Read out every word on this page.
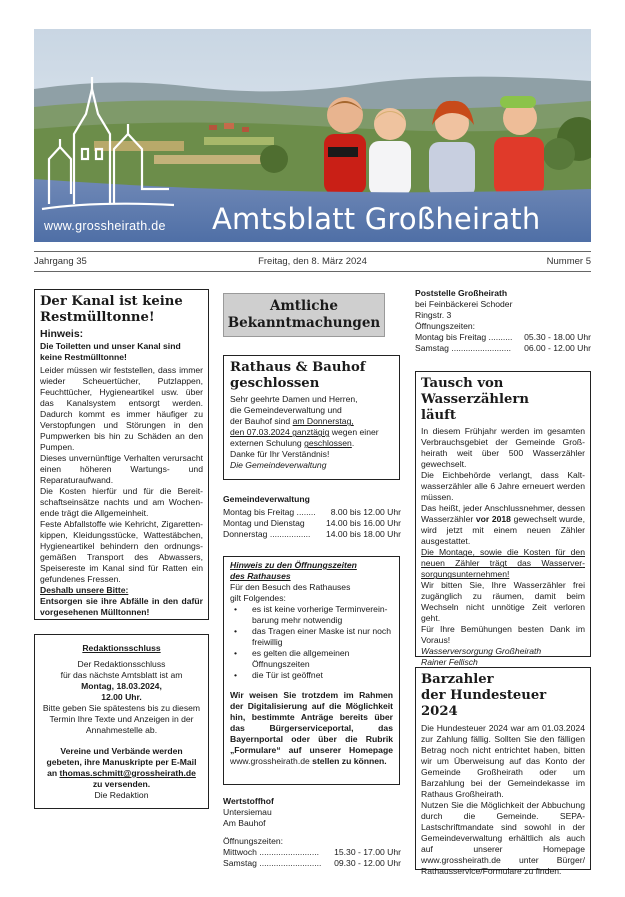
www.grossheirath.de Amtsblatt Großheirath
Jahrgang 35	Freitag, den 8. März 2024	Nummer 5
Der Kanal ist keine Restmülltonne!
Hinweis:

Die Toiletten und unser Kanal sind keine Restmülltonne!

Leider müssen wir feststellen, dass immer wieder Scheuertücher, Putzlappen, Feuchttücher, Hygieneartikel usw. über das Kanalsystem entsorgt werden. Dadurch kommt es immer häufiger zu Verstopfungen und Störungen in den Pumpwerken bis hin zu Schäden an den Pumpen.

Dieses unvernünftige Verhalten verursacht einen höheren Wartungs- und Reparaturaufwand.

Die Kosten hierfür und für die Bereitschaftseinsätze nachts und am Wochenende trägt die Allgemeinheit.

Feste Abfallstoffe wie Kehricht, Zigarettenkippen, Kleidungsstücke, Wattestäbchen, Hygieneartikel behindern den ordnungsgemäßen Transport des Abwassers, Speisereste im Kanal sind für Ratten ein gefundenes Fressen.

Deshalb unsere Bitte:

Entsorgen sie ihre Abfälle in den dafür vorgesehenen Mülltonnen!

Redaktionsschluss

Der Redaktionsschluss

für das nächste Amtsblatt ist am

Montag, 18.03.2024,

12.00 Uhr.

Bitte geben Sie spätestens bis zu diesem Termin Ihre Texte und Anzeigen in der Annahmestelle ab.

Vereine und Verbände werden

gebeten, ihre Manuskripte per E-Mail

an thomas.schmitt@grossheirath.de

zu versenden.

Die Redaktion

Amtliche
Bekanntmachungen
Rathaus & Bauhof
geschlossen

Sehr geehrte Damen und Herren,

die Gemeindeverwaltung und

der Bauhof sind am Donnerstag,

den 07.03.2024 ganztägig wegen einer

externen Schulung geschlossen.

Danke für Ihr Verständnis!

Die Gemeindeverwaltung

Gemeindeverwaltung

Montag bis Freitag ........ 8.00 bis 12.00 Uhr
Montag und Dienstag 14.00 bis 16.00 Uhr
Donnerstag ................. 14.00 bis 18.00 Uhr

Hinweis zu den Öffnungszeiten

des Rathauses

Für den Besuch des Rathauses

gilt Folgendes:

• es ist keine vorherige Terminvereinbarung mehr notwendig
• das Tragen einer Maske ist nur noch freiwillig
• es gelten die allgemeinen Öffnungszeiten
• die Tür ist geöffnet

Wir weisen Sie trotzdem im Rahmen der Digitalisierung auf die Möglichkeit hin, bestimmte Anträge bereits über das Bürgerserviceportal, das Bayernportal oder über die Rubrik „Formulare“ auf unserer Homepage www.grossheirath.de stellen zu können.

Wertstoffhof

Untersiemau

Am Bauhof

Öffnungszeiten:

Mittwoch ......................... 15.30 - 17.00 Uhr
Samstag .......................... 09.30 - 12.00 Uhr

Poststelle Großheirath

bei Feinbäckerei Schoder

Ringstr. 3

Öffnungszeiten:

Montag bis Freitag .......... 05.30 - 18.00 Uhr
Samstag ......................... 06.00 - 12.00 Uhr
Tausch von Wasserzählern
läuft

In diesem Frühjahr werden im gesamten Verbrauchsgebiet der Gemeinde Großheirath weit über 500 Wasserzähler gewechselt.

Die Eichbehörde verlangt, dass Kaltwasserzähler alle 6 Jahre erneuert werden müssen.

Das heißt, jeder Anschlussnehmer, dessen Wasserzähler vor 2018 gewechselt wurde, wird jetzt mit einem neuen Zähler ausgestattet.

Die Montage, sowie die Kosten für den neuen Zähler trägt das Wasserversorgungsunternehmen!

Wir bitten Sie, Ihre Wasserzähler frei zugänglich zu räumen, damit beim Wechseln nicht unnötige Zeit verloren geht.

Für Ihre Bemühungen besten Dank im Voraus!

Wasserversorgung Großheirath

Rainer Fellisch

Barzahler
der Hundesteuer 2024

Die Hundesteuer 2024 war am 01.03.2024 zur Zahlung fällig. Sollten Sie den fälligen Betrag noch nicht entrichtet haben, bitten wir um Überweisung auf das Konto der Gemeinde Großheirath oder um Barzahlung bei der Gemeindekasse im Rathaus Großheirath.

Nutzen Sie die Möglichkeit der Abbuchung durch die Gemeinde. SEPA-Lastschriftmandate sind sowohl in der Gemeindeverwaltung erhältlich als auch auf unserer Homepage www.grossheirath.de unter Bürger/ Rathausservice/Formulare zu finden.
